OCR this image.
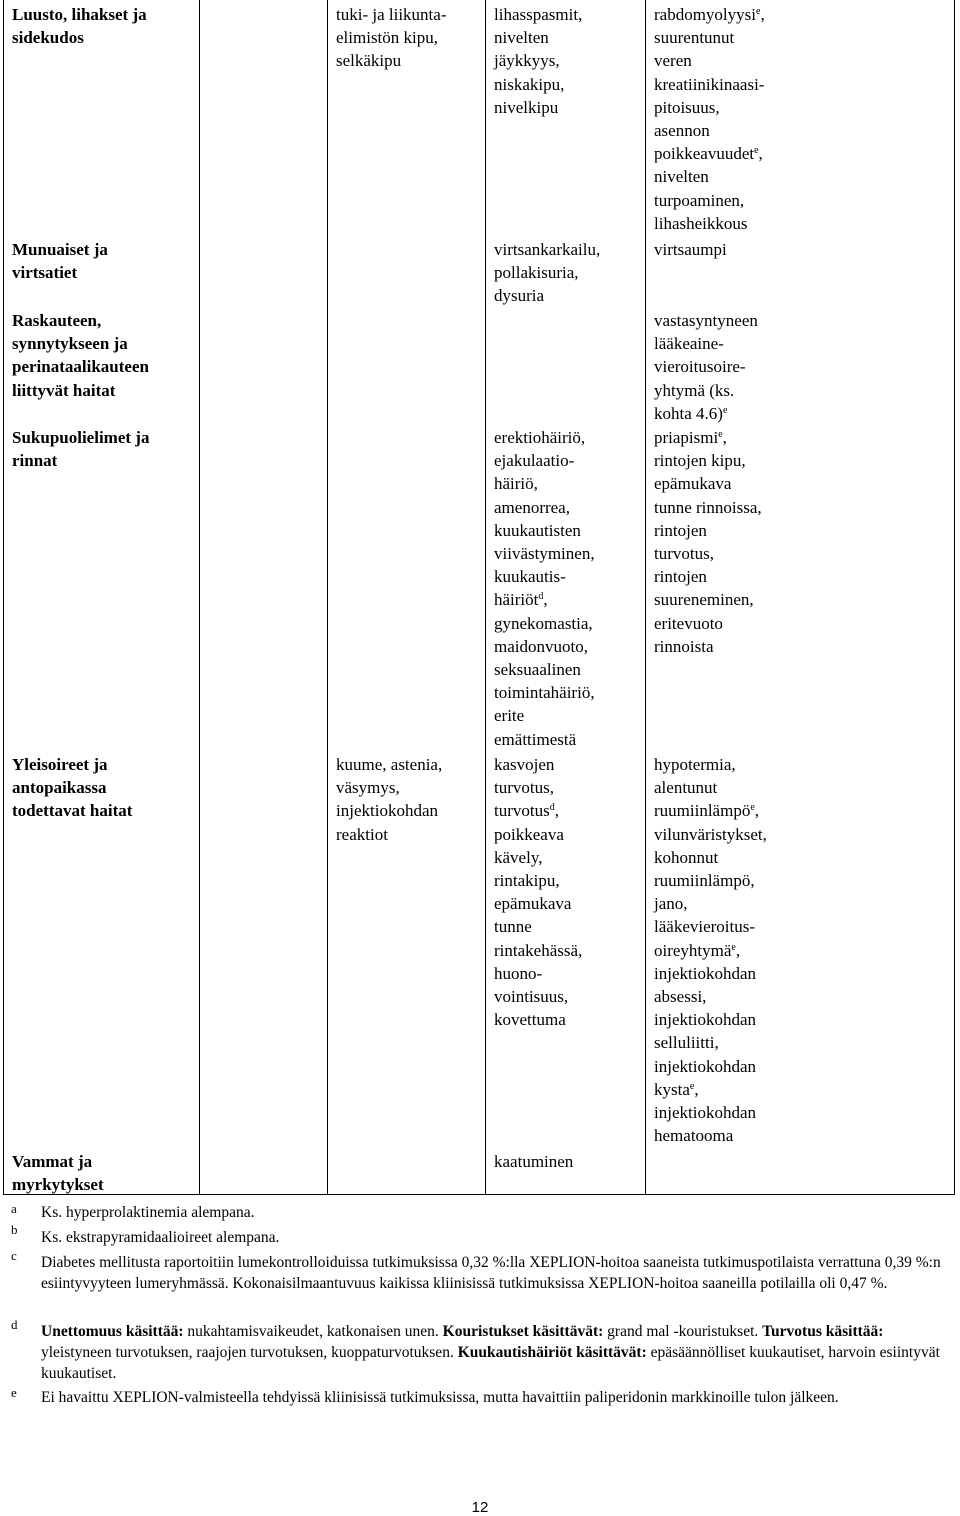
Luusto, lihakset ja
sidekudos
tuki- ja liikunta-
elimistön kipu,
selkäkipu
lihasspasmit,
nivelten
jäykkyys,
niskakipu,
nivelkipu
rabdomyolyysi$^e$,
suurentunut
veren
kreatiinikinaasi-
pitoisuus,
asennon
poikkeavuudet$^e$,
nivelten
turpoaminen,
lihasheikkous
Munuaiset ja
virtsatiet
virtsankarkailu,
pollakisuria,
dysuria
virtsaumpi
Raskauteen,
synnytykseen ja
perinataalikauteen
liittyvät haitat
vastasyntyneen
lääkeaine-
vieroitusoire-
yhtymä (ks.
kohta 4.6)$^e$
Sukupuolielimet ja
rinnat
erektiohäiriö,
ejakulaatio-
häiriö,
amenorrea,
kuukautisten
viivästyminen,
kuukautis-
häiriöt$^d$,
gynekomastia,
maidonvuoto,
seksuaalinen
toimintahäiriö,
erite
emättimestä
priapismi$^e$,
rintojen kipu,
epämukava
tunne rinnoissa,
rintojen
turvotus,
rintojen
suureneminen,
eritevuoto
rinnoista
Yleisoireet ja
antopaikassa
todettavat haitat
kuume, astenia,
väsymys,
injektiokohdan
reaktiot
kasvojen
turvotus,
turvotus$^d$,
poikkeava
kävely,
rintakipu,
epämukava
tunne
rintakehässä,
huono-
vointisuus,
kovettuma
hypotermia,
alentunut
ruumiinlämpö$^e$,
vilunväristykset,
kohonnut
ruumiinlämpö,
jano,
lääkevieroitus-
oireyhtymä$^e$,
injektiokohdan
absessi,
injektiokohdan
selluliitti,
injektiokohdan
kysta$^e$,
injektiokohdan
hematooma
Vammat ja
myrkytykset
kaatuminen
a Ks. hyperprolaktinemia alempana.
b Ks. ekstrapyramidaalioireet alempana.
c Diabetes mellitusta raportoitiin lumekontrolloiduissa tutkimuksissa 0,32 %:lla XEPLION-hoitoa saaneista tutkimuspotilaista verrattuna 0,39 %:n esiintyvyyteen lumeryhmässä. Kokonaisilmaantuvuus kaikissa kliinisissä tutkimuksissa XEPLION-hoitoa saaneilla potilailla oli 0,47 %.
d Unettomuus käsittää: nukahtamisvaikeudet, katkonaisen unen. Kouristukset käsittävät: grand mal -kouristukset. Turvotus käsittää: yleistyneen turvotuksen, raajojen turvotuksen, kuoppaturvotuksen. Kuukautishäiriöt käsittävät: epäsäännölliset kuukautiset, harvoin esiintyvät kuukautiset.
e Ei havaittu XEPLION-valmisteella tehdyissä kliinisissä tutkimuksissa, mutta havaittiin paliperidonin markkinoille tulon jälkeen.
12
